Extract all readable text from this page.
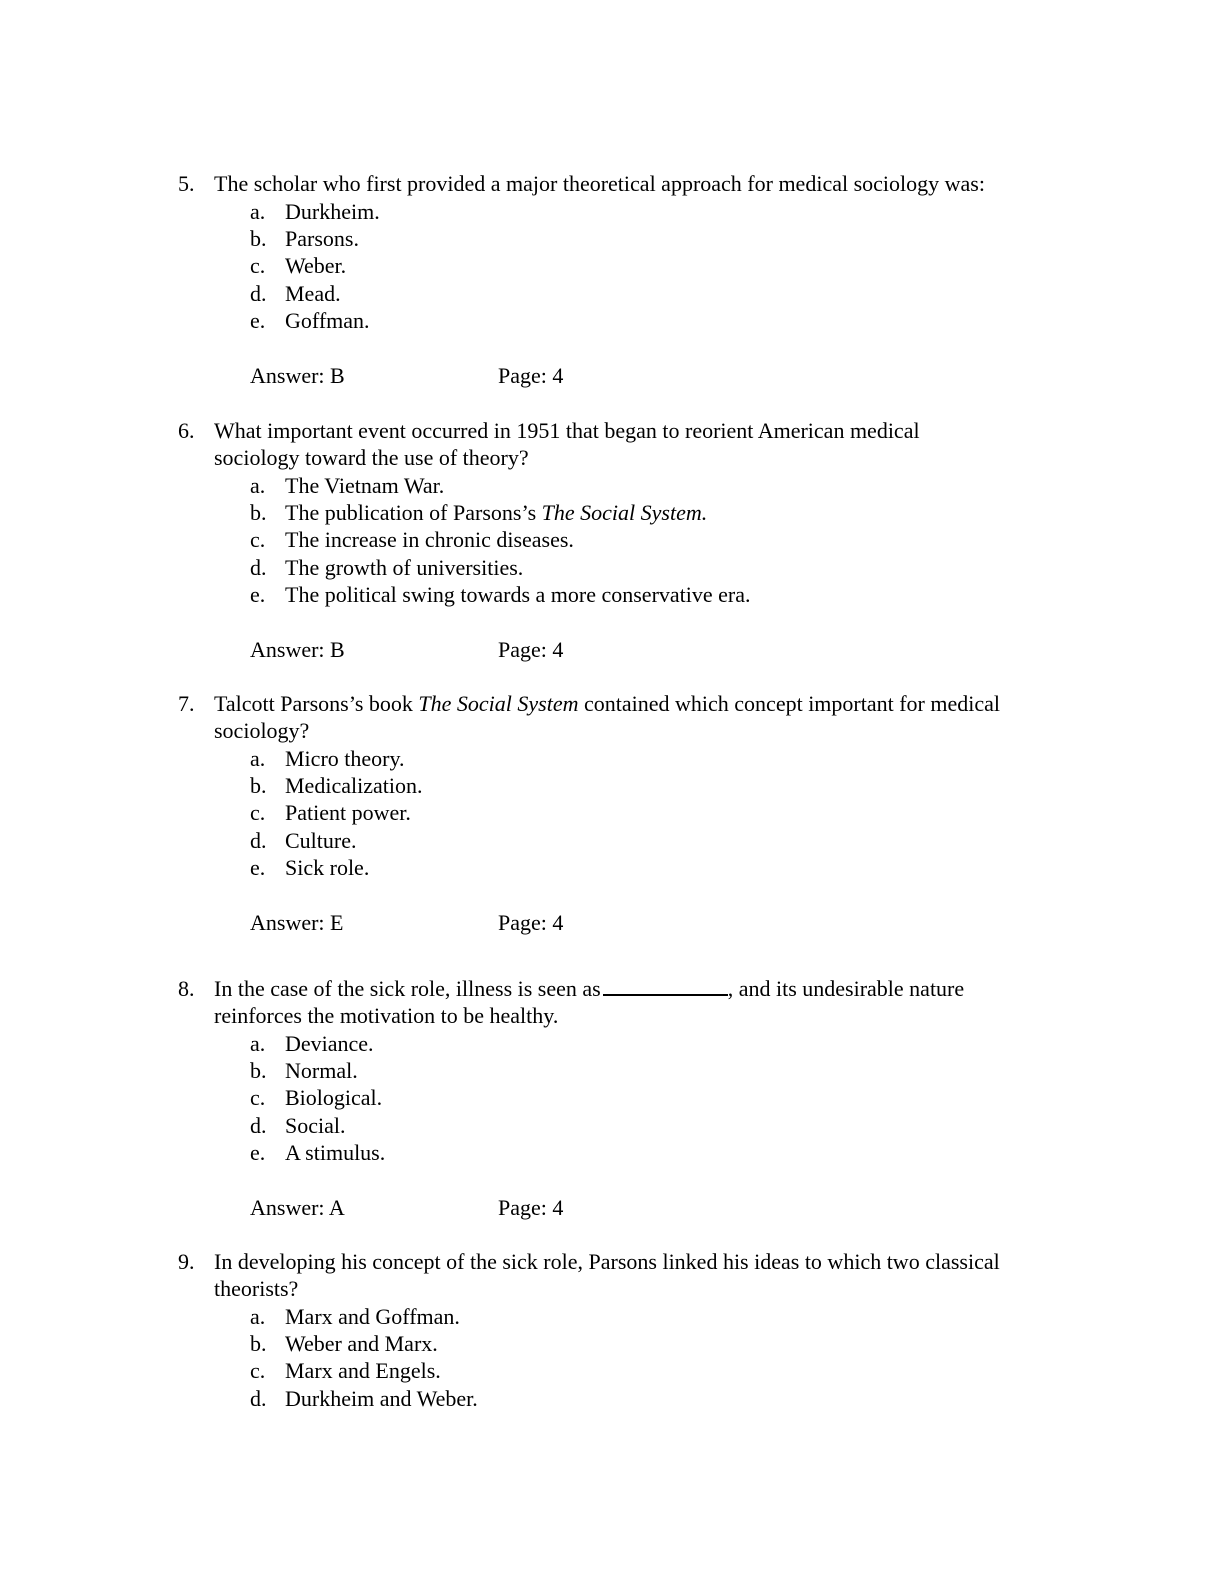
5. The scholar who first provided a major theoretical approach for medical sociology was:
a. Durkheim.
b. Parsons.
c. Weber.
d. Mead.
e. Goffman.
Answer: B	Page: 4
6. What important event occurred in 1951 that began to reorient American medical
sociology toward the use of theory?
a. The Vietnam War.
b. The publication of Parsons’s The Social System.
c. The increase in chronic diseases.
d. The growth of universities.
e. The political swing towards a more conservative era.
Answer: B	Page: 4
7. Talcott Parsons’s book The Social System contained which concept important for medical
sociology?
a. Micro theory.
b. Medicalization.
c. Patient power.
d. Culture.
e. Sick role.
Answer: E	Page: 4
8. In the case of the sick role, illness is seen as	, and its undesirable nature
reinforces the motivation to be healthy.
a. Deviance.
b. Normal.
c. Biological.
d. Social.
e. A stimulus.
Answer: A	Page: 4
9. In developing his concept of the sick role, Parsons linked his ideas to which two classical
theorists?
a. Marx and Goffman.
b. Weber and Marx.
c. Marx and Engels.
d. Durkheim and Weber.
